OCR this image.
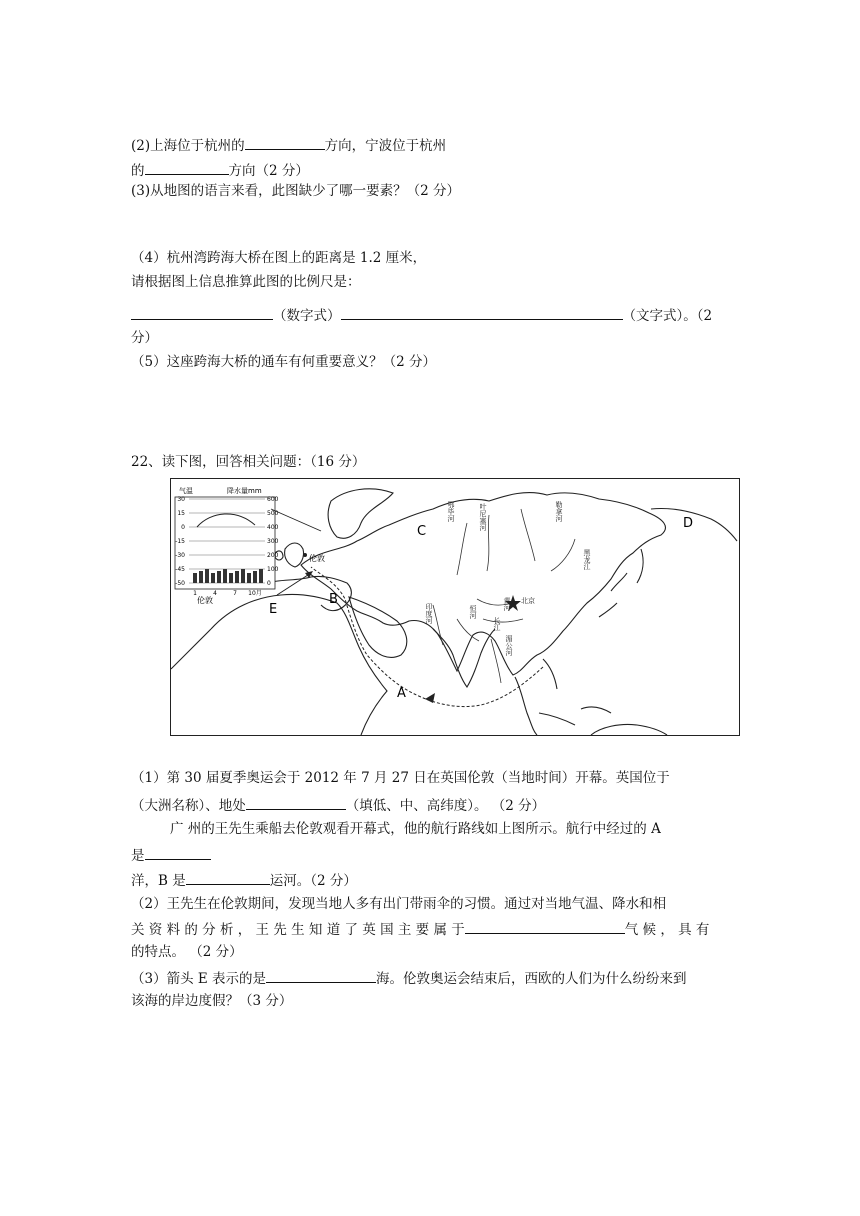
(2)上海位于杭州的	方向，宁波位于杭州
的	方向（2 分）
(3)从地图的语言来看，此图缺少了哪一要素？（2 分）
（4）杭州湾跨海大桥在图上的距离是 1.2 厘米，
请根据图上信息推算此图的比例尺是：
（数字式）	（文字式）。（2
分）
（5）这座跨海大桥的通车有何重要意义？（2 分）
22、读下图，回答相关问题：（16 分）
气温	降水量mm
30
15
0
-15
-30
-45
-50
600
500
400
300
200
100
0
1	4	7 10月
伦敦
伦敦
E
B
A
C
D
叶尼塞河	勒拿河
鄂毕河
黑龙江
黄河
长江
北京
印度河
湄公河
恒河
（1）第 30 届夏季奥运会于 2012 年 7 月 27 日在英国伦敦（当地时间）开幕。英国位于
（大洲名称）、地处	（填低、中、高纬度）。 （2 分）
广 州的王先生乘船去伦敦观看开幕式，他的航行路线如上图所示。航行中经过的 A
是
洋，B 是	运河。（2 分）
（2）王先生在伦敦期间，发现当地人多有出门带雨伞的习惯。通过对当地气温、降水和相
关 资 料 的 分 析 ， 王 先 生 知 道 了 英 国 主 要 属 于	气 候 ， 具 有
的特点。 （2 分）
（3）箭头 E 表示的是	海。伦敦奥运会结束后，西欧的人们为什么纷纷来到
该海的岸边度假？（3 分）
